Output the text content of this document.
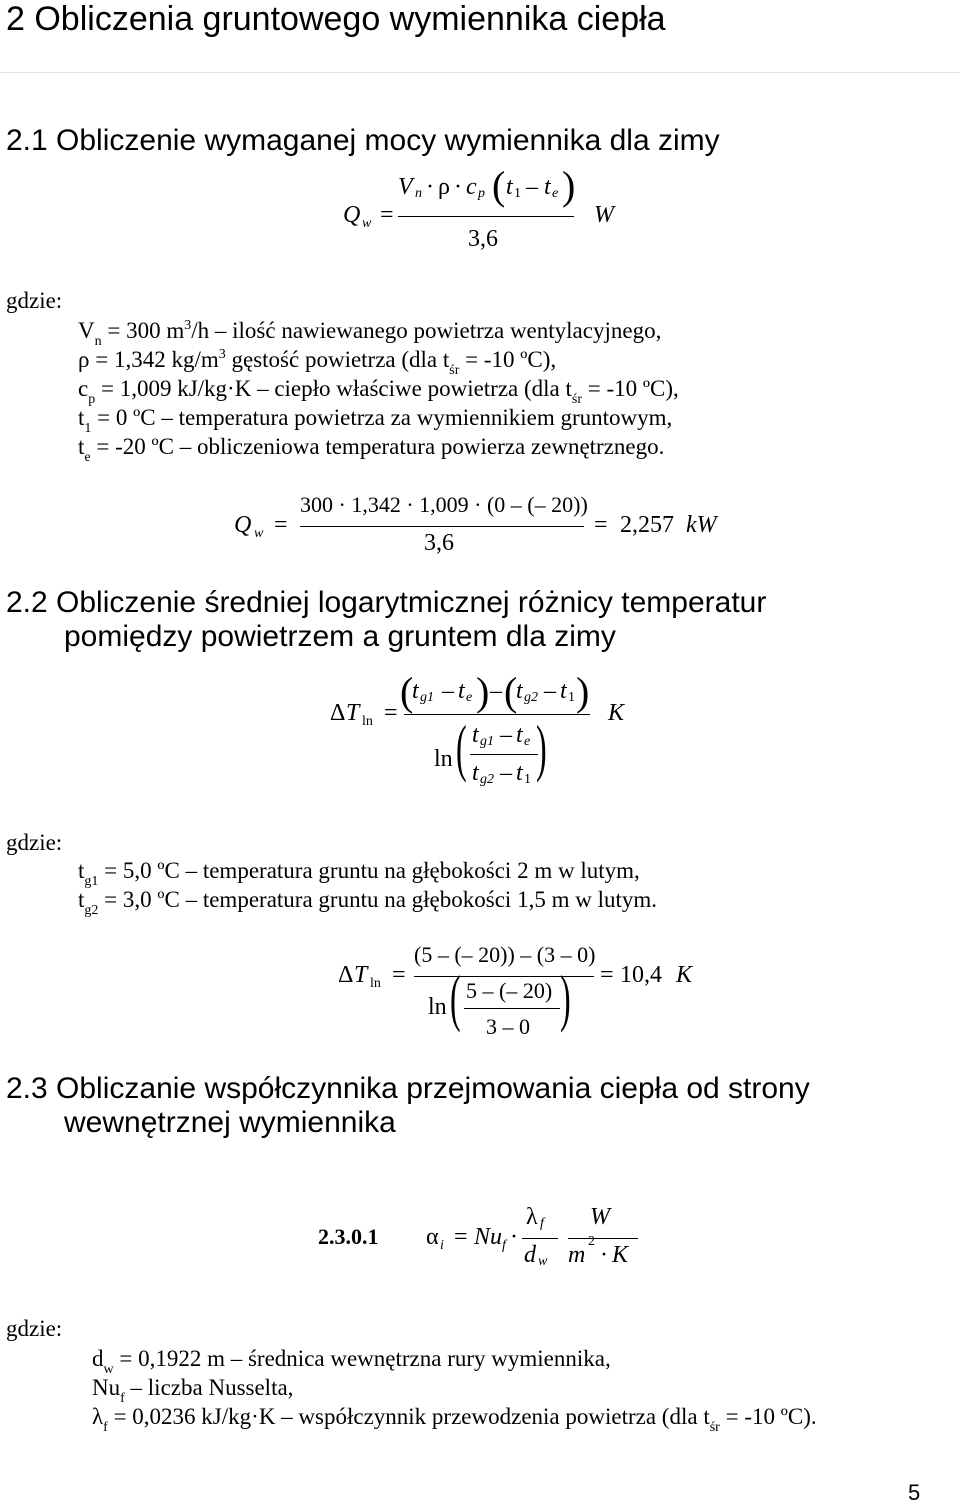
2 Obliczenia gruntowego wymiennika ciepła
2.1 Obliczenie wymaganej mocy wymiennika dla zimy
Q w =
V n · ρ · c p ( t 1 – t e )
3,6
W
gdzie:
$V_n = 300$ $m^3/h$ – ilość nawiewanego powietrza wentylacyjnego,
ρ = 1,342 $kg/m^3$ gęstość powietrza (dla $t_{śr} = -10$ ºC),
$c_p = 1,009$ kJ/kg·K – ciepło właściwe powietrza (dla $t_{śr} = -10$ ºC),
$t_1 = 0$ ºC – temperatura powietrza za wymiennikiem gruntowym,
$t_e = -20$ ºC – obliczeniowa temperatura powierza zewnętrznego.
Q w =
300 · 1,342 · 1,009 · (0 – (– 20))
3,6
= 2,257 kW
2.2 Obliczenie średniej logarytmicznej różnicy temperatur
pomiędzy powietrzem a gruntem dla zimy
Δ T ln = (
t g1 – t e ) – (
t g2 – t 1 )
ln ( t g1 – t e
t g2 – t 1 )	K
gdzie:
$t_{g1} = 5,0$ ºC – temperatura gruntu na głębokości 2 m w lutym,
$t_{g2} = 3,0$ ºC – temperatura gruntu na głębokości 1,5 m w lutym.
Δ T ln =
(5 – (– 20)) – (3 – 0)
ln ( 5 – (– 20)
3 – 0 ) = 10,4 K
2.3 Obliczanie współczynnika przejmowania ciepła od strony
wewnętrznej wymiennika
2.3.0.1 α i = Nu f ·
λ f
d w
W
m
2
· K
gdzie:
$d_w = 0,1922$ m – średnica wewnętrzna rury wymiennika,
$Nu_f$ – liczba Nusselta,
$\lambda_f = 0,0236$ kJ/kg·K – współczynnik przewodzenia powietrza (dla $t_{śr} = -10$ ºC).
5
